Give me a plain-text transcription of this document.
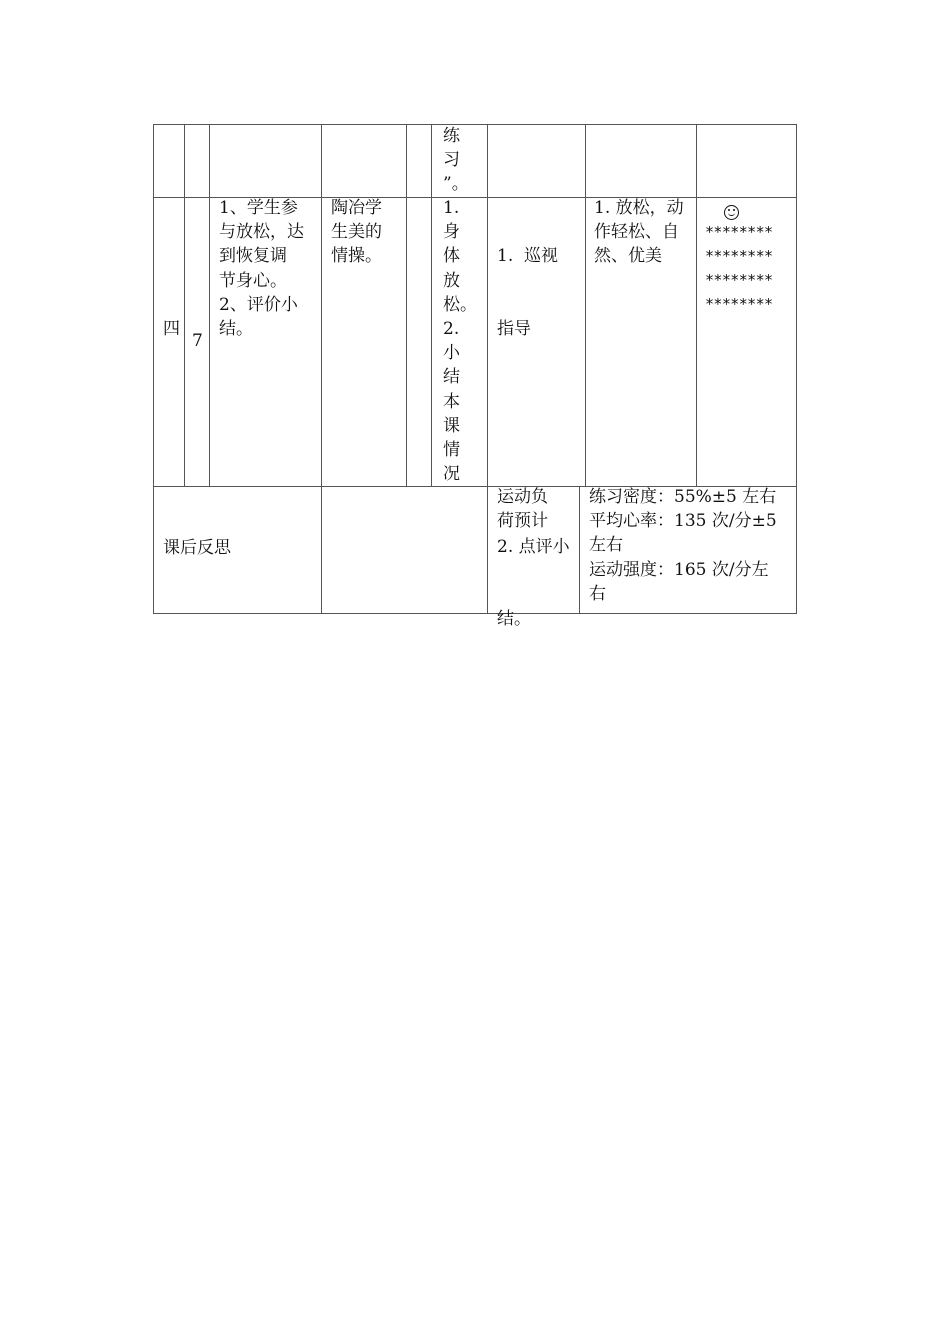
练
习
”。
四
7
1、学生参
与放松，达
到恢复调
节身心。
2、评价小
结。
陶冶学
生美的
情操。
1.
身
体
放
松。
2.
小
结
本
课
情
况

1.  巡视

指导

2. 点评小

结。

1. 放松，动
作轻松、自
然、优美
********
********
********
********
课后反思
运动负
荷预计
练习密度：55%±5 左右
平均心率：135 次/分±5
左右
运动强度：165 次/分左
右
